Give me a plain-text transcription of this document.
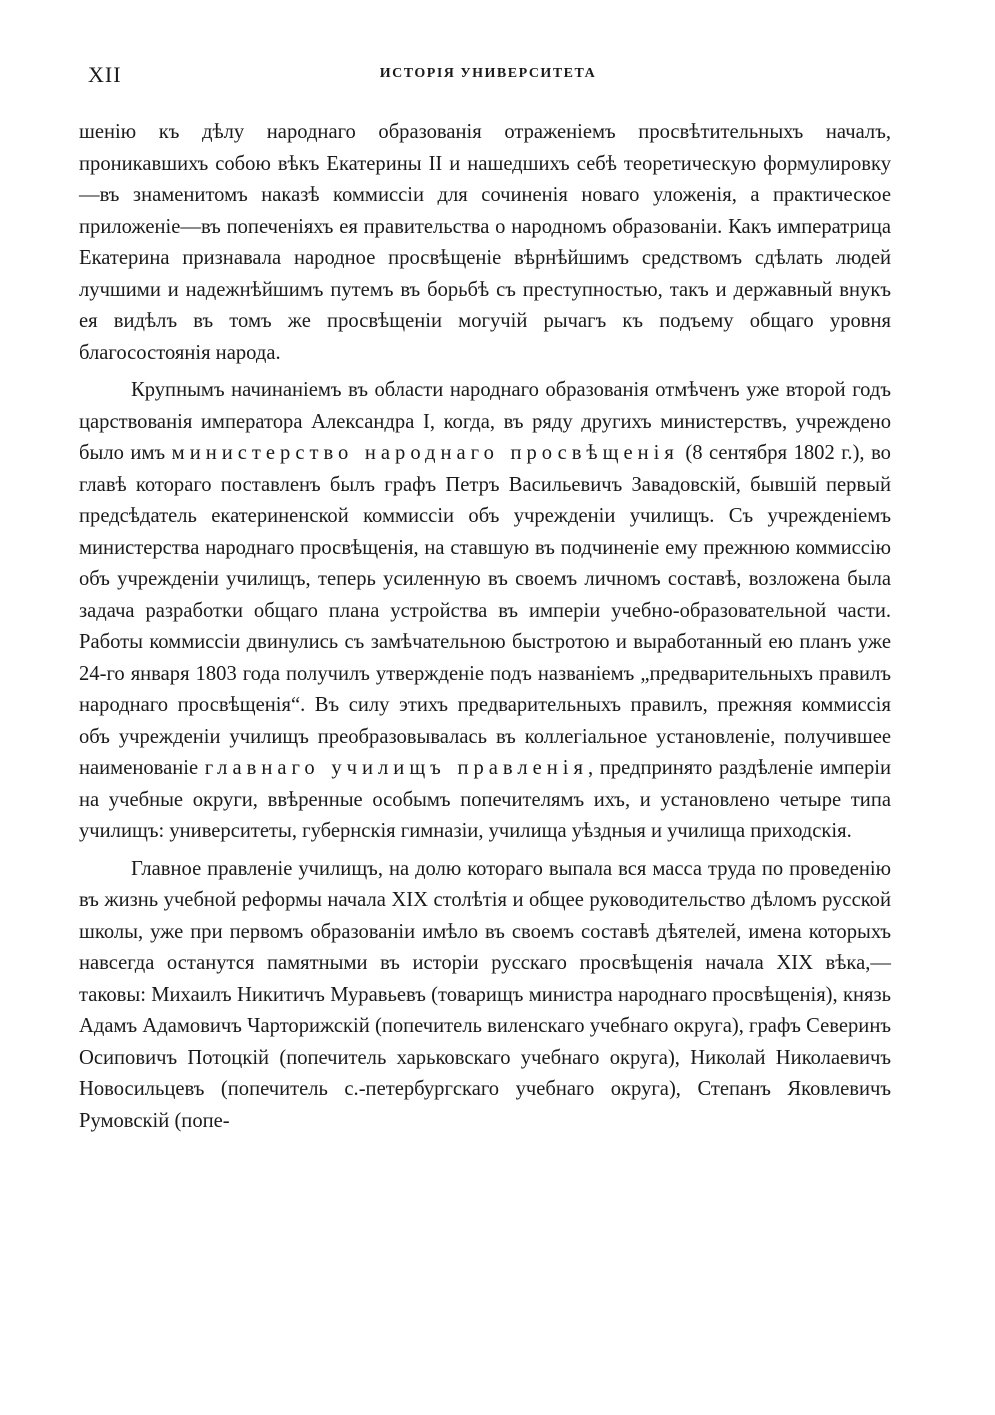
XII	ИСТОРІЯ УНИВЕРСИТЕТА

шенію къ дѣлу народнаго образованія отраженіемъ просвѣтительныхъ началъ, проникавшихъ собою вѣкъ Екатерины II и нашедшихъ себѣ теоретическую формулировку—въ знаменитомъ наказѣ коммиссіи для сочиненія новаго уложенія, а практическое приложеніе—въ попеченіяхъ ея правительства о народномъ образованіи. Какъ императрица Екатерина признавала народное просвѣщеніе вѣрнѣйшимъ средствомъ сдѣлать людей лучшими и надежнѣйшимъ путемъ въ борьбѣ съ преступностью, такъ и державный внукъ ея видѣлъ въ томъ же просвѣщеніи могучій рычагъ къ подъему общаго уровня благосостоянія народа.

Крупнымъ начинаніемъ въ области народнаго образованія отмѣченъ уже второй годъ царствованія императора Александра I, когда, въ ряду другихъ министерствъ, учреждено было имъ министерство народнаго просвѣщенія (8 сентября 1802 г.), во главѣ котораго поставленъ былъ графъ Петръ Васильевичъ Завадовскій, бывшій первый предсѣдатель екатериненской коммиссіи объ учрежденіи училищъ. Съ учрежденіемъ министерства народнаго просвѣщенія, на ставшую въ подчиненіе ему прежнюю коммиссію объ учрежденіи училищъ, теперь усиленную въ своемъ личномъ составѣ, возложена была задача разработки общаго плана устройства въ имперіи учебно-образовательной части. Работы коммиссіи двинулись съ замѣчательною быстротою и выработанный ею планъ уже 24-го января 1803 года получилъ утвержденіе подъ названіемъ „предварительныхъ правилъ народнаго просвѣщенія“. Въ силу этихъ предварительныхъ правилъ, прежняя коммиссія объ учрежденіи училищъ преобразовывалась въ коллегіальное установленіе, получившее наименованіе главнаго училищъ правленія, предпринято раздѣленіе имперіи на учебные округи, ввѣренные особымъ попечителямъ ихъ, и установлено четыре типа училищъ: университеты, губернскія гимназіи, училища уѣздныя и училища приходскія.

Главное правленіе училищъ, на долю котораго выпала вся масса труда по проведенію въ жизнь учебной реформы начала XIX столѣтія и общее руководительство дѣломъ русской школы, уже при первомъ образованіи имѣло въ своемъ составѣ дѣятелей, имена которыхъ навсегда останутся памятными въ исторіи русскаго просвѣщенія начала XIX вѣка,—таковы: Михаилъ Никитичъ Муравьевъ (товарищъ министра народнаго просвѣщенія), князь Адамъ Адамовичъ Чарторижскій (попечитель виленскаго учебнаго округа), графъ Северинъ Осиповичъ Потоцкій (попечитель харьковскаго учебнаго округа), Николай Николаевичъ Новосильцевъ (попечитель с.-петербургскаго учебнаго округа), Степанъ Яковлевичъ Румовскій (попе-
